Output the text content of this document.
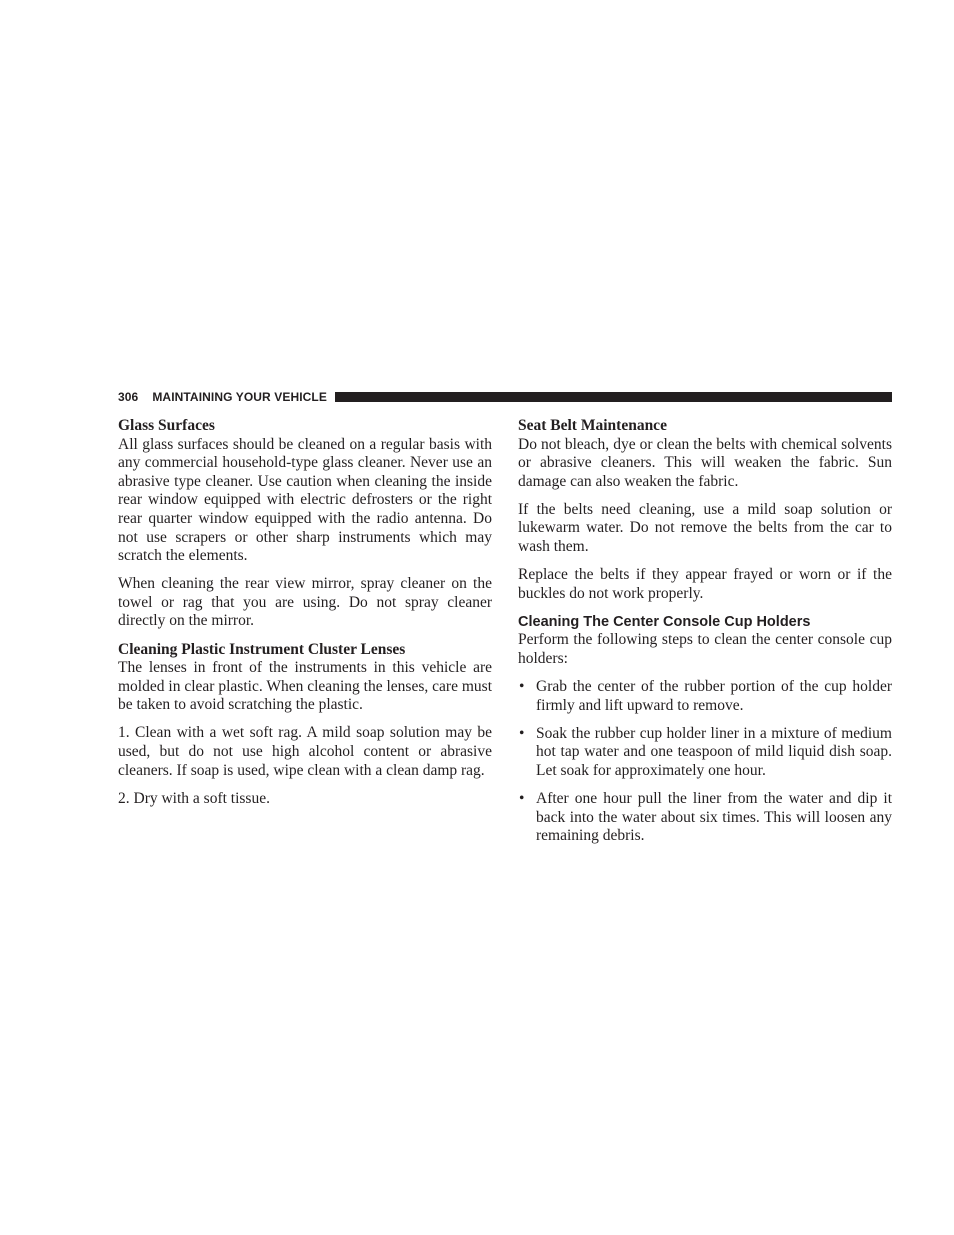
306 MAINTAINING YOUR VEHICLE
Glass Surfaces

All glass surfaces should be cleaned on a regular basis with any commercial household-type glass cleaner. Never use an abrasive type cleaner. Use caution when cleaning the inside rear window equipped with electric defrosters or the right rear quarter window equipped with the radio antenna. Do not use scrapers or other sharp instruments which may scratch the elements.

When cleaning the rear view mirror, spray cleaner on the towel or rag that you are using. Do not spray cleaner directly on the mirror.

Cleaning Plastic Instrument Cluster Lenses

The lenses in front of the instruments in this vehicle are molded in clear plastic. When cleaning the lenses, care must be taken to avoid scratching the plastic.

1. Clean with a wet soft rag. A mild soap solution may be used, but do not use high alcohol content or abrasive cleaners. If soap is used, wipe clean with a clean damp rag.

2. Dry with a soft tissue.

Seat Belt Maintenance

Do not bleach, dye or clean the belts with chemical solvents or abrasive cleaners. This will weaken the fabric. Sun damage can also weaken the fabric.

If the belts need cleaning, use a mild soap solution or lukewarm water. Do not remove the belts from the car to wash them.

Replace the belts if they appear frayed or worn or if the buckles do not work properly.

Cleaning The Center Console Cup Holders

Perform the following steps to clean the center console cup holders:

• Grab the center of the rubber portion of the cup holder firmly and lift upward to remove.
• Soak the rubber cup holder liner in a mixture of medium hot tap water and one teaspoon of mild liquid dish soap. Let soak for approximately one hour.
• After one hour pull the liner from the water and dip it back into the water about six times. This will loosen any remaining debris.
